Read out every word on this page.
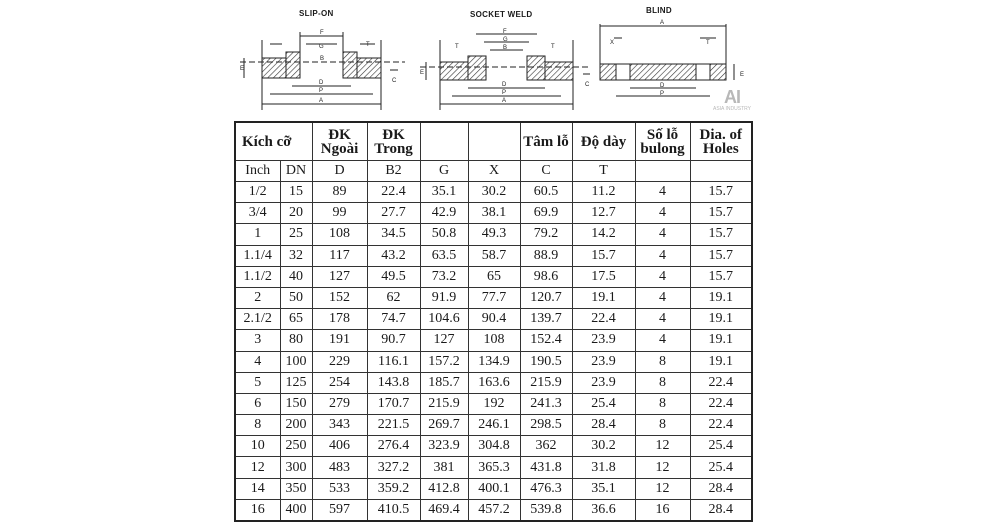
SLIP-ON	SOCKET WELD	BLIND
F
G
B
T
E
D
P
A
C
F
G
B
T	T
E
D
P
A
C
A
X	T
D
P
E
AI
ASIA INDUSTRY
Kích cỡ		ĐK Ngoài	ĐK Trong			Tâm lỗ	Độ dày	Số lỗ bulong	Dia. of Holes

Inch	DN	D	B2	G	X	C	T		
1/2	15	89	22.4	35.1	30.2	60.5	11.2	4	15.7
3/4	20	99	27.7	42.9	38.1	69.9	12.7	4	15.7
1	25	108	34.5	50.8	49.3	79.2	14.2	4	15.7
1.1/4	32	117	43.2	63.5	58.7	88.9	15.7	4	15.7
1.1/2	40	127	49.5	73.2	65	98.6	17.5	4	15.7
2	50	152	62	91.9	77.7	120.7	19.1	4	19.1
2.1/2	65	178	74.7	104.6	90.4	139.7	22.4	4	19.1
3	80	191	90.7	127	108	152.4	23.9	4	19.1
4	100	229	116.1	157.2	134.9	190.5	23.9	8	19.1
5	125	254	143.8	185.7	163.6	215.9	23.9	8	22.4
6	150	279	170.7	215.9	192	241.3	25.4	8	22.4
8	200	343	221.5	269.7	246.1	298.5	28.4	8	22.4
10	250	406	276.4	323.9	304.8	362	30.2	12	25.4
12	300	483	327.2	381	365.3	431.8	31.8	12	25.4
14	350	533	359.2	412.8	400.1	476.3	35.1	12	28.4
16	400	597	410.5	469.4	457.2	539.8	36.6	16	28.4
